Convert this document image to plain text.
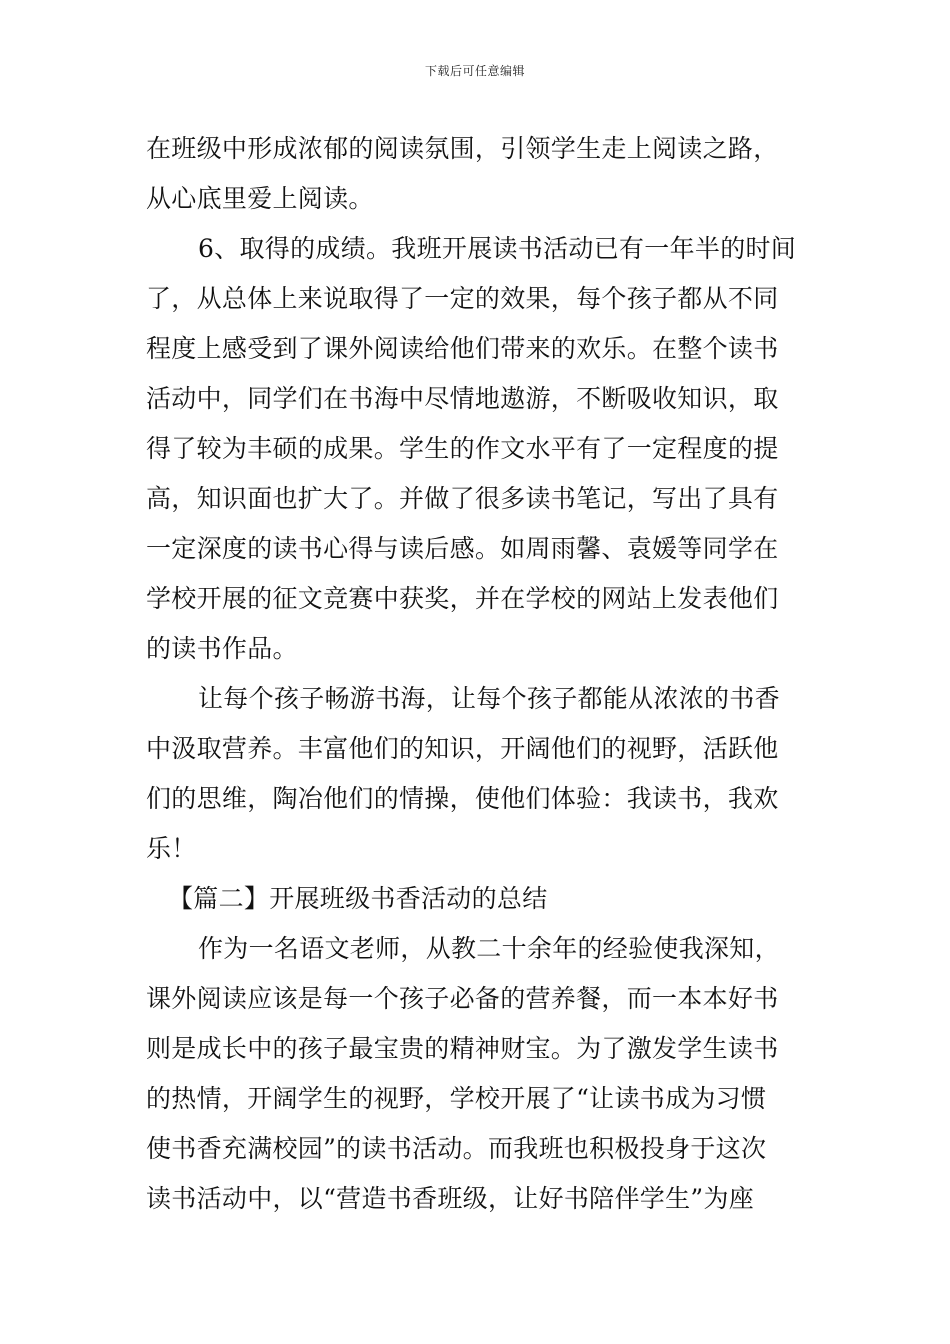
下载后可任意编辑
在班级中形成浓郁的阅读氛围，引领学生走上阅读之路，
从心底里爱上阅读。
6、取得的成绩。我班开展读书活动已有一年半的时间
了，从总体上来说取得了一定的效果，每个孩子都从不同
程度上感受到了课外阅读给他们带来的欢乐。在整个读书
活动中，同学们在书海中尽情地遨游，不断吸收知识，取
得了较为丰硕的成果。学生的作文水平有了一定程度的提
高，知识面也扩大了。并做了很多读书笔记，写出了具有
一定深度的读书心得与读后感。如周雨馨、袁媛等同学在
学校开展的征文竞赛中获奖，并在学校的网站上发表他们
的读书作品。
让每个孩子畅游书海，让每个孩子都能从浓浓的书香
中汲取营养。丰富他们的知识，开阔他们的视野，活跃他
们的思维，陶冶他们的情操，使他们体验：我读书，我欢
乐！
【篇二】开展班级书香活动的总结
作为一名语文老师，从教二十余年的经验使我深知，
课外阅读应该是每一个孩子必备的营养餐，而一本本好书
则是成长中的孩子最宝贵的精神财宝。为了激发学生读书
的热情，开阔学生的视野，学校开展了“让读书成为习惯
使书香充满校园”的读书活动。而我班也积极投身于这次
读书活动中，以“营造书香班级，让好书陪伴学生”为座
